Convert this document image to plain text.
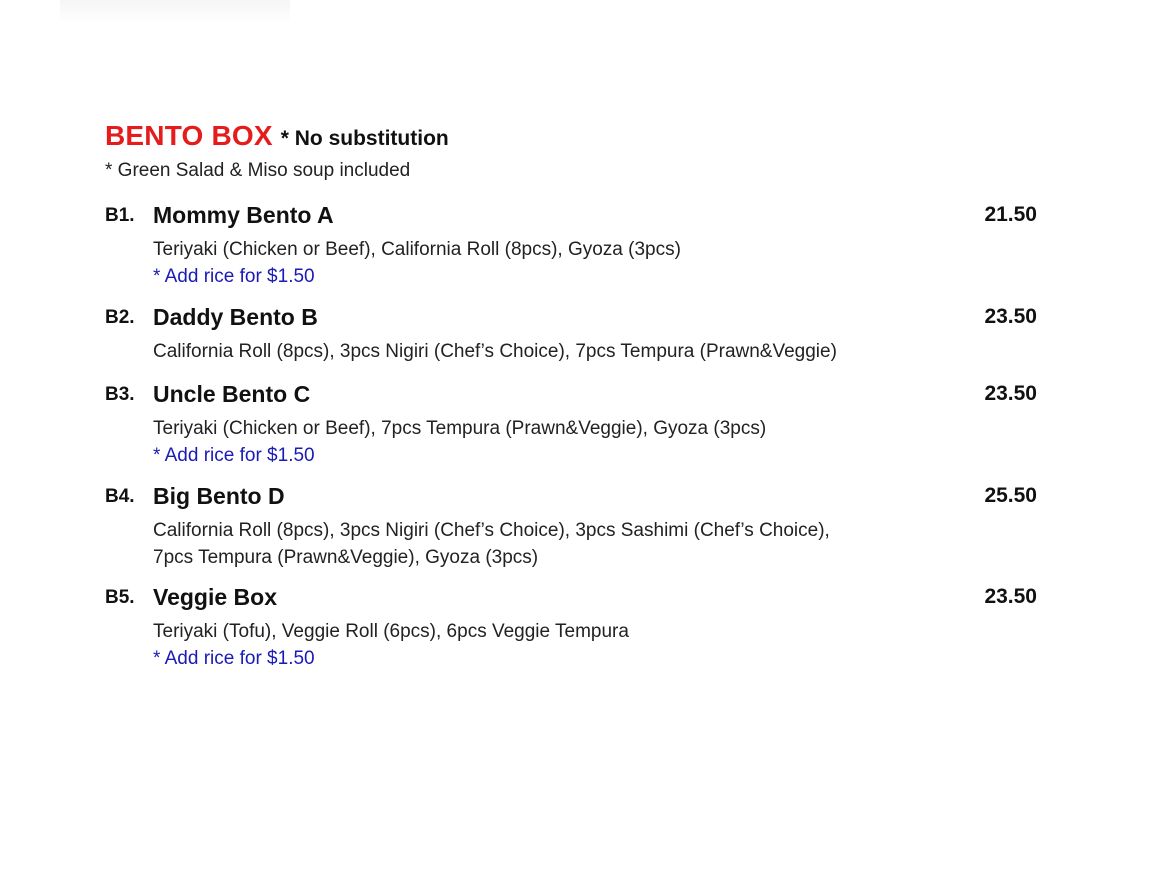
BENTO BOX * No substitution
* Green Salad & Miso soup included
B1. Mommy Bento A	21.50
Teriyaki (Chicken or Beef), California Roll (8pcs), Gyoza (3pcs)
* Add rice for $1.50
B2. Daddy Bento B	23.50
California Roll (8pcs), 3pcs Nigiri (Chef’s Choice), 7pcs Tempura (Prawn&Veggie)
B3. Uncle Bento C	23.50
Teriyaki (Chicken or Beef), 7pcs Tempura (Prawn&Veggie), Gyoza (3pcs)
* Add rice for $1.50
B4. Big Bento D	25.50
California Roll (8pcs), 3pcs Nigiri (Chef’s Choice), 3pcs Sashimi (Chef’s Choice),
7pcs Tempura (Prawn&Veggie), Gyoza (3pcs)
B5. Veggie Box	23.50
Teriyaki (Tofu), Veggie Roll (6pcs), 6pcs Veggie Tempura
* Add rice for $1.50
